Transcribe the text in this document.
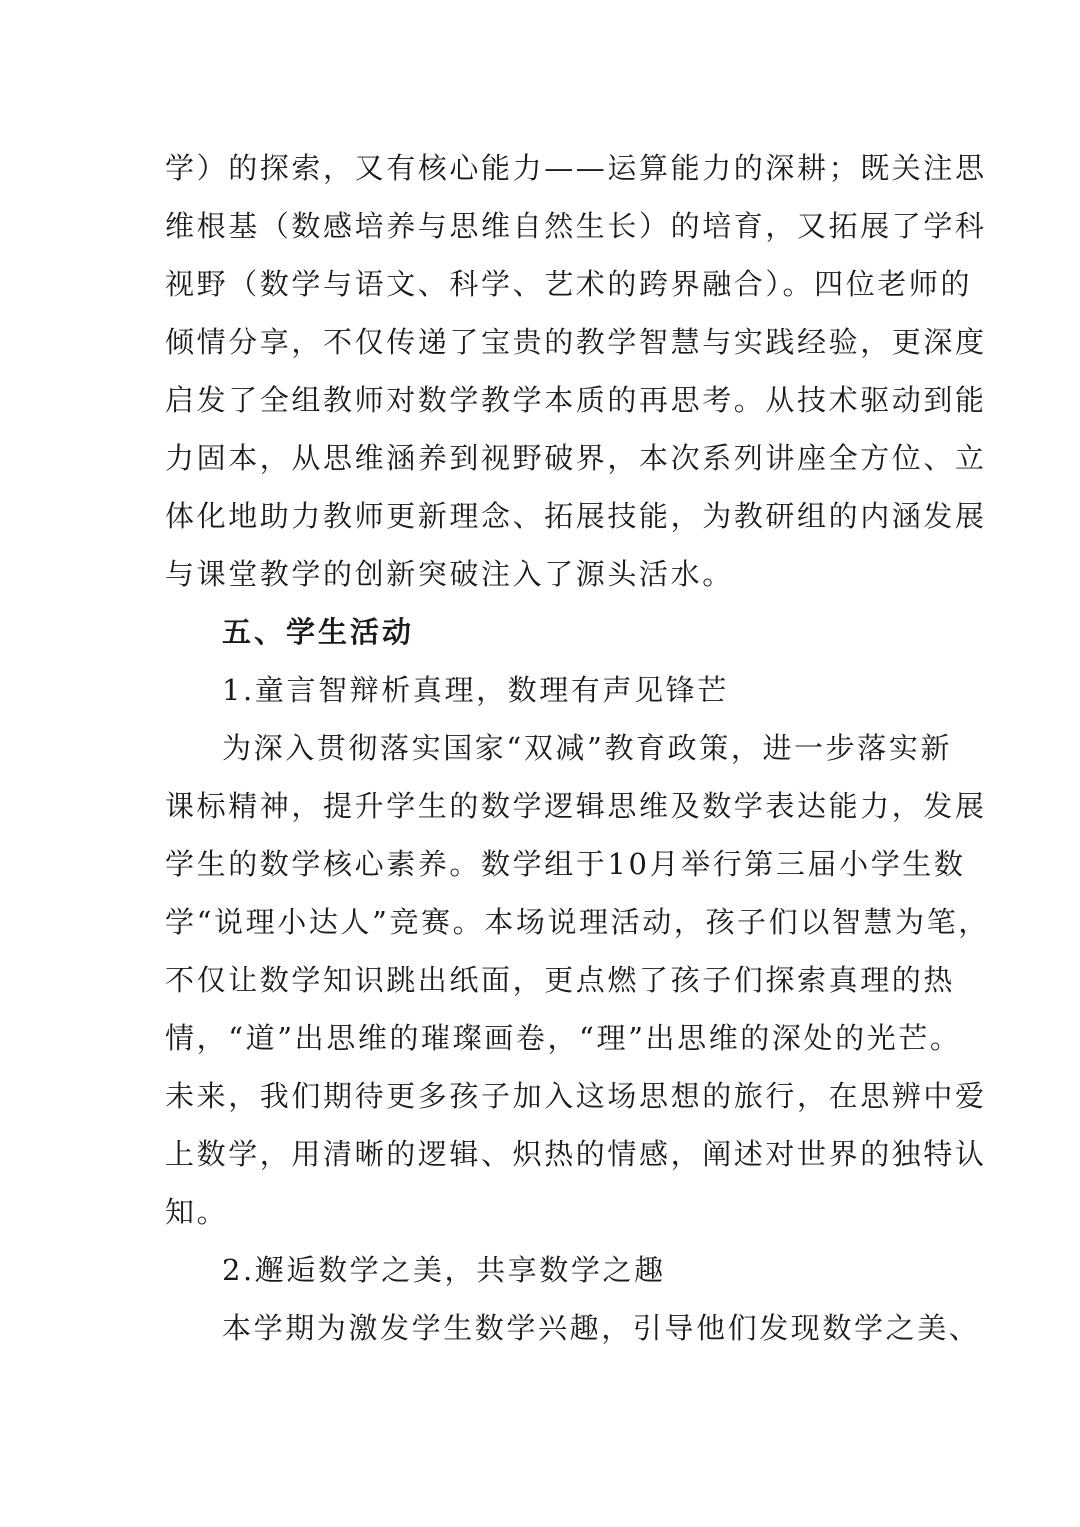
学）的探索，又有核心能力——运算能力的深耕；既关注思
维根基（数感培养与思维自然生长）的培育，又拓展了学科
视野（数学与语文、科学、艺术的跨界融合）。四位老师的
倾情分享，不仅传递了宝贵的教学智慧与实践经验，更深度
启发了全组教师对数学教学本质的再思考。从技术驱动到能
力固本，从思维涵养到视野破界，本次系列讲座全方位、立
体化地助力教师更新理念、拓展技能，为教研组的内涵发展
与课堂教学的创新突破注入了源头活水。
五、学生活动
1.童言智辩析真理，数理有声见锋芒
为深入贯彻落实国家“双减”教育政策，进一步落实新
课标精神，提升学生的数学逻辑思维及数学表达能力，发展
学生的数学核心素养。数学组于10月举行第三届小学生数
学“说理小达人”竞赛。本场说理活动，孩子们以智慧为笔，
不仅让数学知识跳出纸面，更点燃了孩子们探索真理的热
情，“道”出思维的璀璨画卷，“理”出思维的深处的光芒。
未来，我们期待更多孩子加入这场思想的旅行，在思辨中爱
上数学，用清晰的逻辑、炽热的情感，阐述对世界的独特认
知。
2.邂逅数学之美，共享数学之趣
本学期为激发学生数学兴趣，引导他们发现数学之美、
